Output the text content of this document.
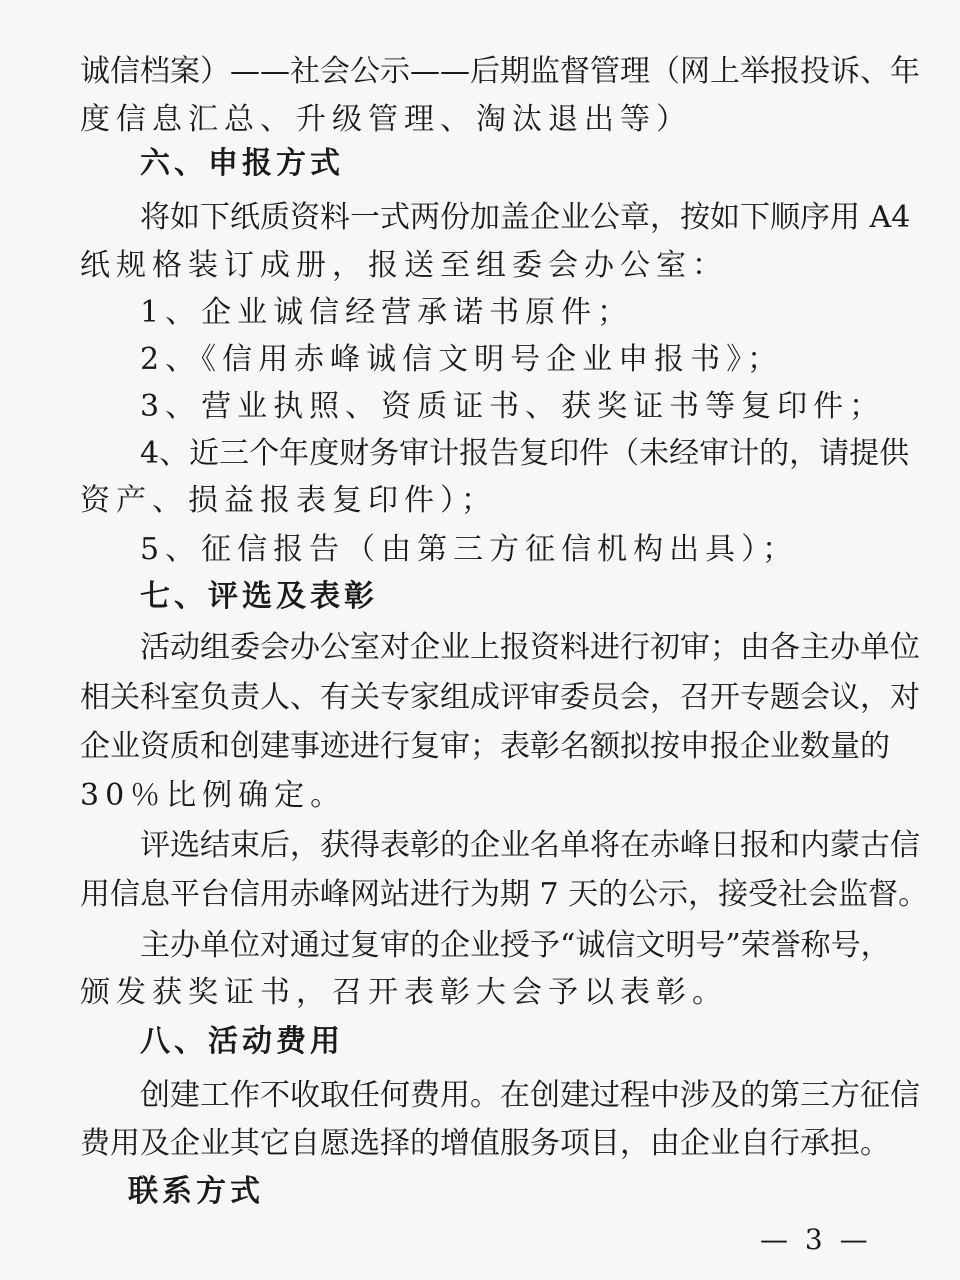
诚信档案）——社会公示——后期监督管理（网上举报投诉、年
度信息汇总、升级管理、淘汰退出等）
六、申报方式
将如下纸质资料一式两份加盖企业公章，按如下顺序用 A4
纸规格装订成册，报送至组委会办公室：
1、企业诚信经营承诺书原件；
2、《信用赤峰诚信文明号企业申报书》；
3、营业执照、资质证书、获奖证书等复印件；
4、近三个年度财务审计报告复印件（未经审计的，请提供
资产、损益报表复印件）；
5、征信报告（由第三方征信机构出具）；
七、评选及表彰
活动组委会办公室对企业上报资料进行初审；由各主办单位
相关科室负责人、有关专家组成评审委员会，召开专题会议，对
企业资质和创建事迹进行复审；表彰名额拟按申报企业数量的
30％比例确定。
评选结束后，获得表彰的企业名单将在赤峰日报和内蒙古信
用信息平台信用赤峰网站进行为期 7 天的公示，接受社会监督。
主办单位对通过复审的企业授予“诚信文明号”荣誉称号，
颁发获奖证书，召开表彰大会予以表彰。
八、活动费用
创建工作不收取任何费用。在创建过程中涉及的第三方征信
费用及企业其它自愿选择的增值服务项目，由企业自行承担。
联系方式
— 3 —
